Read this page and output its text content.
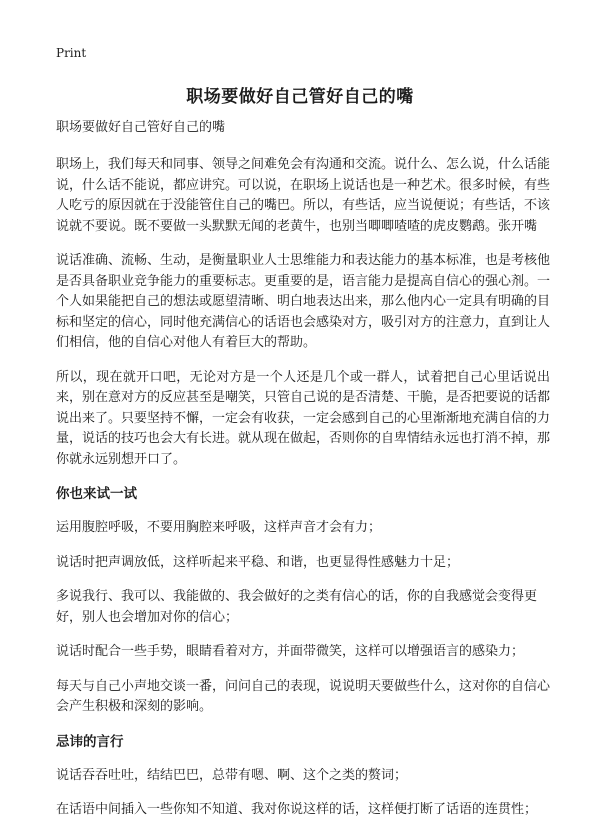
Print
职场要做好自己管好自己的嘴
职场要做好自己管好自己的嘴

职场上，我们每天和同事、领导之间难免会有沟通和交流。说什么、怎么说，什么话能说，什么话不能说，都应讲究。可以说，在职场上说话也是一种艺术。很多时候，有些人吃亏的原因就在于没能管住自己的嘴巴。所以，有些话，应当说便说；有些话，不该说就不要说。既不要做一头默默无闻的老黄牛，也别当唧唧喳喳的虎皮鹦鹉。张开嘴

说话准确、流畅、生动，是衡量职业人士思维能力和表达能力的基本标准，也是考核他是否具备职业竞争能力的重要标志。更重要的是，语言能力是提高自信心的强心剂。一个人如果能把自己的想法或愿望清晰、明白地表达出来，那么他内心一定具有明确的目标和坚定的信心，同时他充满信心的话语也会感染对方，吸引对方的注意力，直到让人们相信，他的自信心对他人有着巨大的帮助。

所以，现在就开口吧，无论对方是一个人还是几个或一群人，试着把自己心里话说出来，别在意对方的反应甚至是嘲笑，只管自己说的是否清楚、干脆，是否把要说的话都说出来了。只要坚持不懈，一定会有收获，一定会感到自己的心里渐渐地充满自信的力量，说话的技巧也会大有长进。就从现在做起，否则你的自卑情结永远也打消不掉，那你就永远别想开口了。

你也来试一试

运用腹腔呼吸，不要用胸腔来呼吸，这样声音才会有力；

说话时把声调放低，这样听起来平稳、和谐，也更显得性感魅力十足；

多说我行、我可以、我能做的、我会做好的之类有信心的话，你的自我感觉会变得更好，别人也会增加对你的信心；

说话时配合一些手势，眼睛看着对方，并面带微笑，这样可以增强语言的感染力；

每天与自己小声地交谈一番，问问自己的表现，说说明天要做些什么，这对你的自信心会产生积极和深刻的影响。

忌讳的言行

说话吞吞吐吐，结结巴巴，总带有嗯、啊、这个之类的赘词；

在话语中间插入一些你知不知道、我对你说这样的话，这样便打断了话语的连贯性；
